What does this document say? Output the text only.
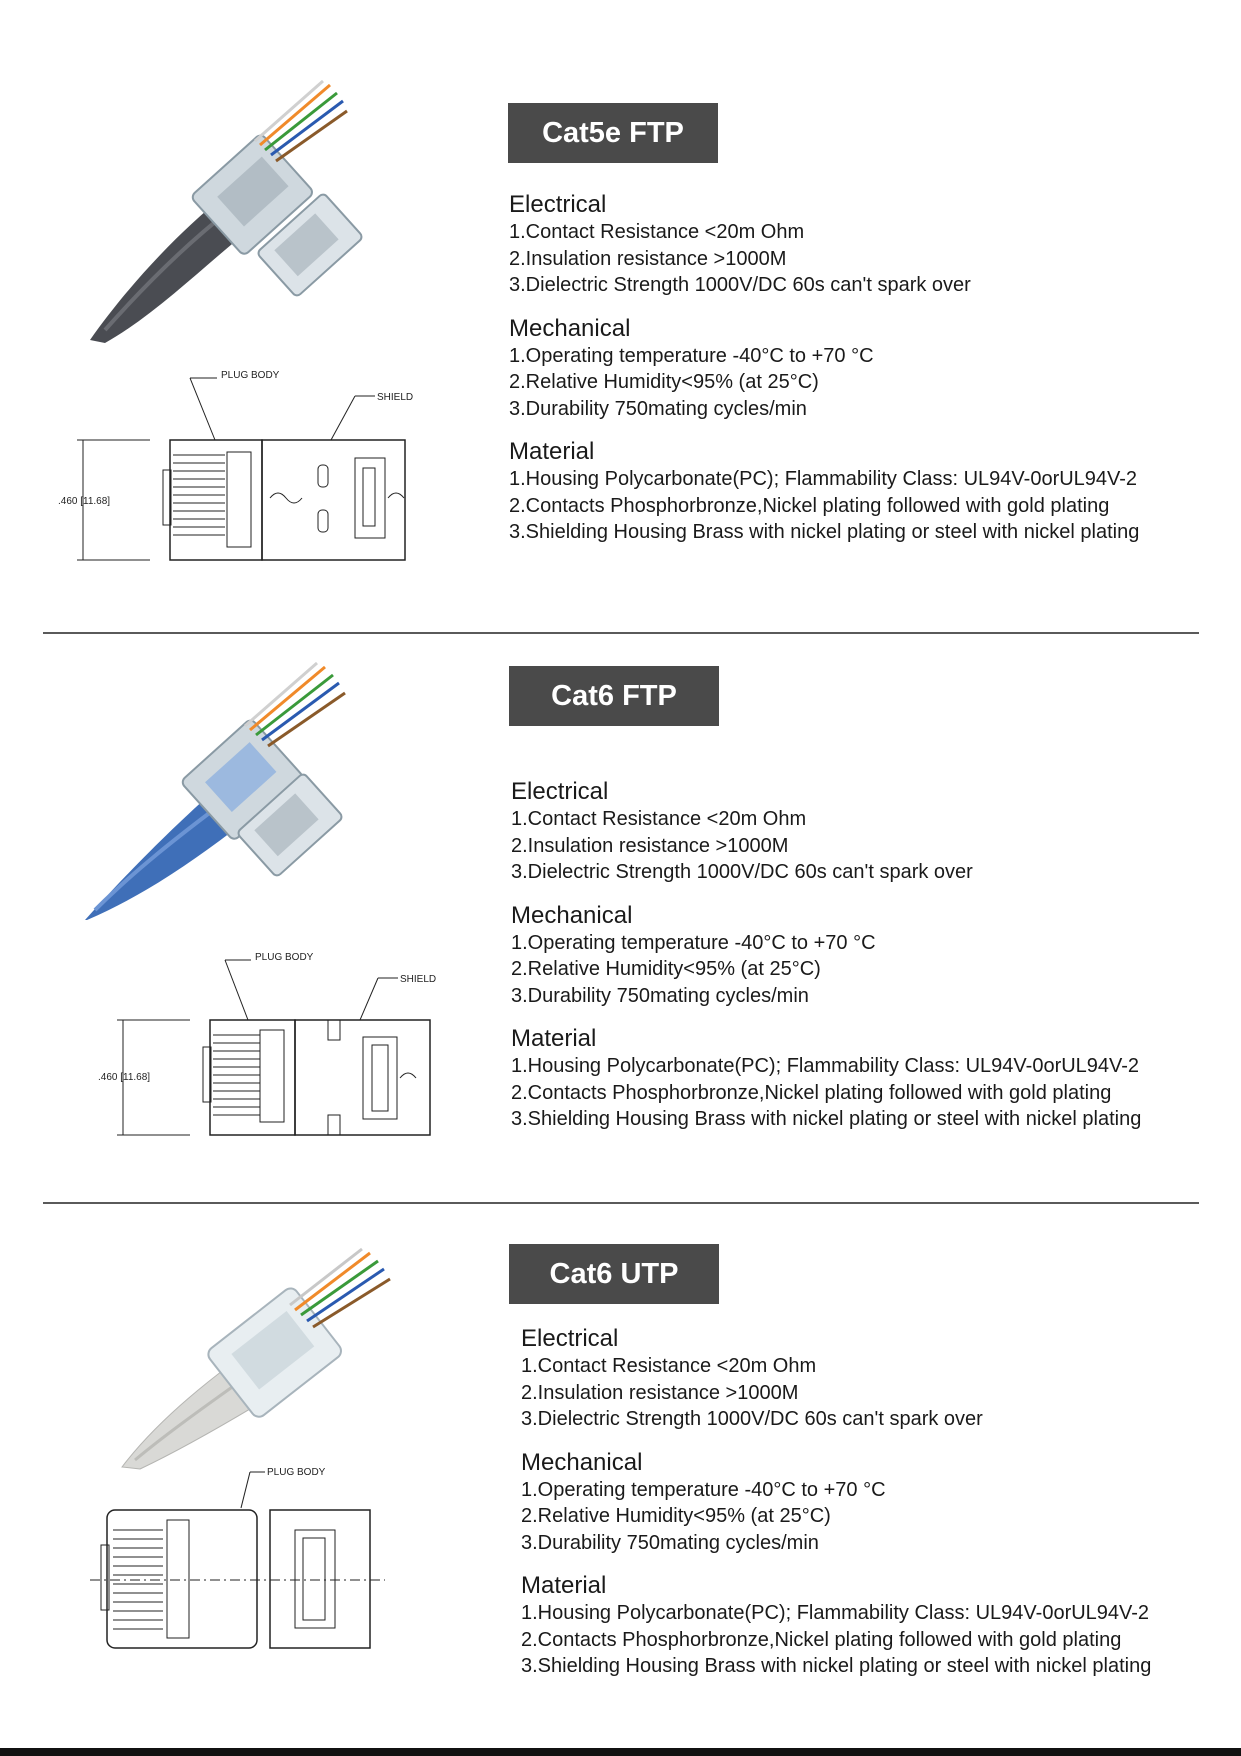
Cat5e FTP

Electrical

1.Contact Resistance <20m Ohm

2.Insulation resistance >1000M

3.Dielectric Strength 1000V/DC 60s can't spark over

Mechanical

1.Operating temperature -40°C to +70 °C

2.Relative Humidity<95% (at 25°C)

3.Durability 750mating cycles/min

Material

1.Housing Polycarbonate(PC); Flammability Class: UL94V-0orUL94V-2

2.Contacts Phosphorbronze,Nickel plating followed with gold plating

3.Shielding Housing Brass with nickel plating or steel with nickel plating

PLUG BODY
SHIELD
.460 [11.68]
Cat6 FTP

Electrical

1.Contact Resistance <20m Ohm

2.Insulation resistance >1000M

3.Dielectric Strength 1000V/DC 60s can't spark over

Mechanical

1.Operating temperature -40°C to +70 °C

2.Relative Humidity<95% (at 25°C)

3.Durability 750mating cycles/min

Material

1.Housing Polycarbonate(PC); Flammability Class: UL94V-0orUL94V-2

2.Contacts Phosphorbronze,Nickel plating followed with gold plating

3.Shielding Housing Brass with nickel plating or steel with nickel plating

PLUG BODY
SHIELD
.460 [11.68]
Cat6 UTP

Electrical

1.Contact Resistance <20m Ohm

2.Insulation resistance >1000M

3.Dielectric Strength 1000V/DC 60s can't spark over

Mechanical

1.Operating temperature -40°C to +70 °C

2.Relative Humidity<95% (at 25°C)

3.Durability 750mating cycles/min

Material

1.Housing Polycarbonate(PC); Flammability Class: UL94V-0orUL94V-2

2.Contacts Phosphorbronze,Nickel plating followed with gold plating

3.Shielding Housing Brass with nickel plating or steel with nickel plating

PLUG BODY
